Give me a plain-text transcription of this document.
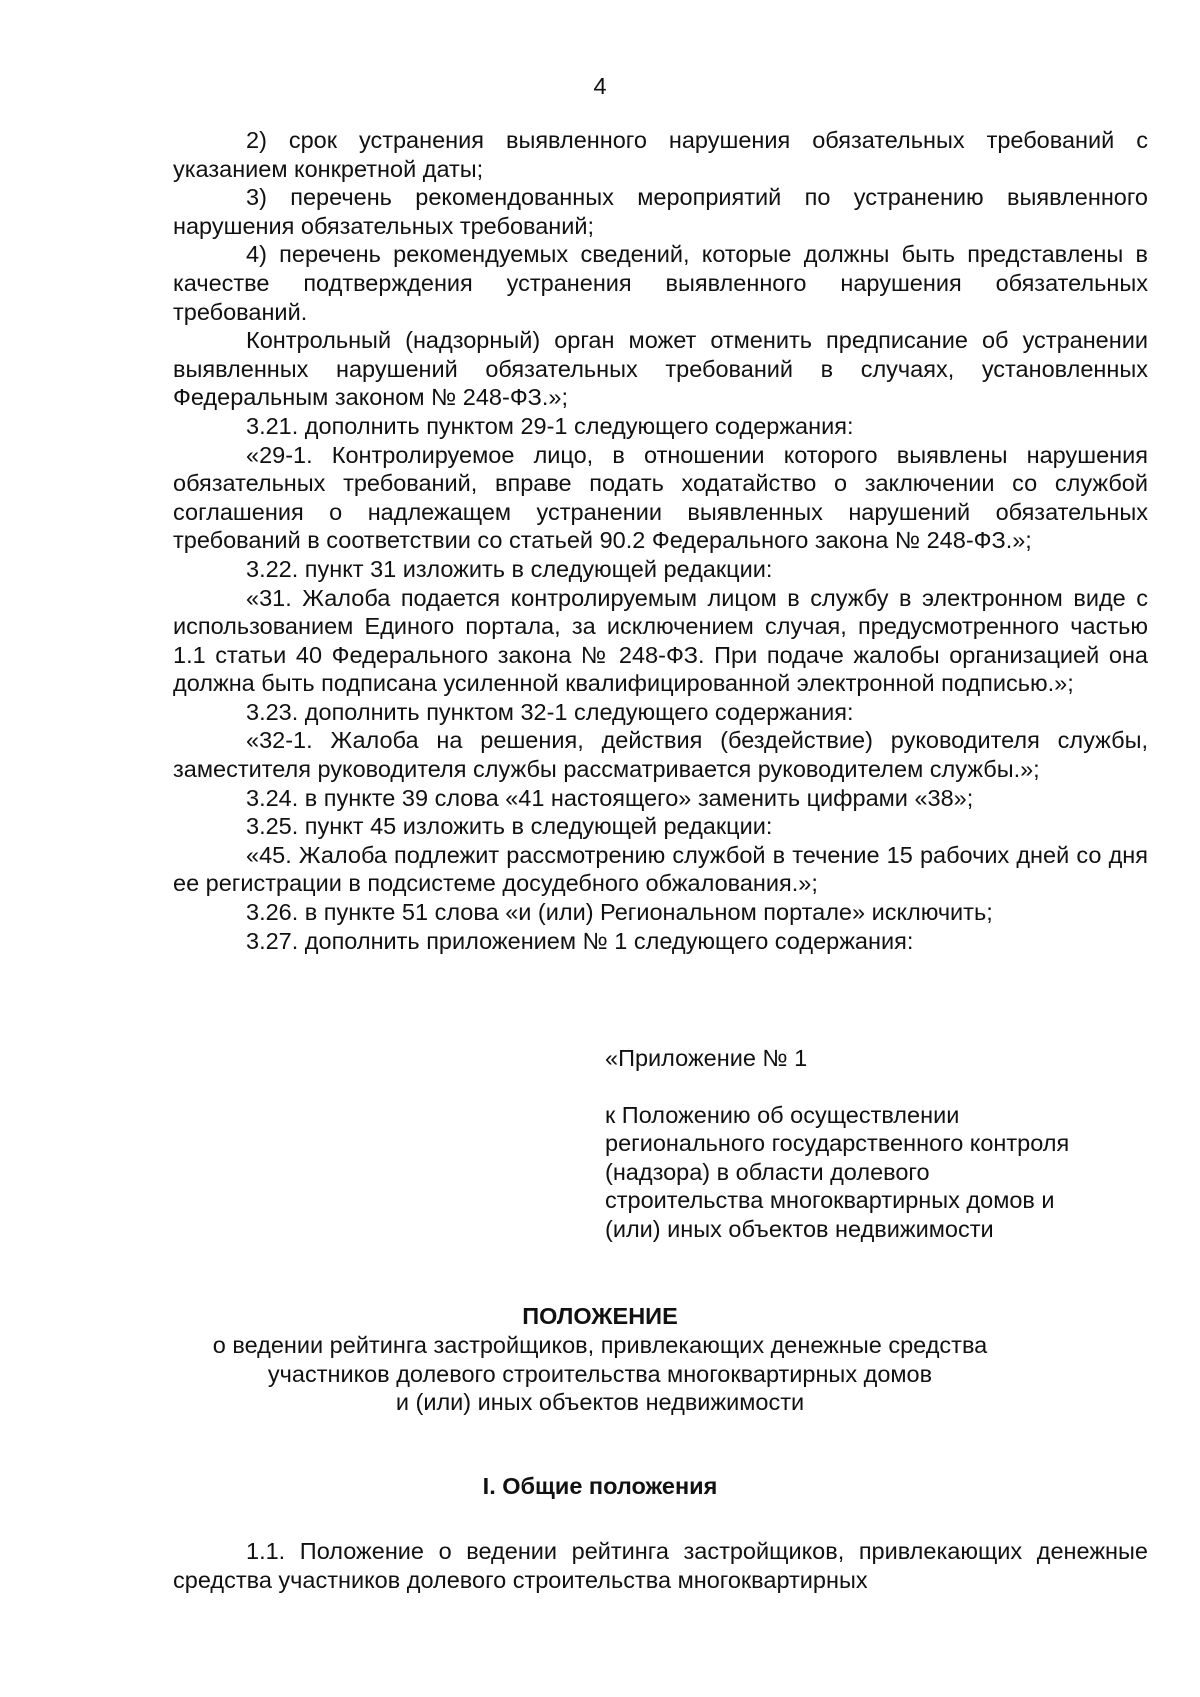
4

2) срок устранения выявленного нарушения обязательных требований с указанием конкретной даты;

3) перечень рекомендованных мероприятий по устранению выявленного нарушения обязательных требований;

4) перечень рекомендуемых сведений, которые должны быть представлены в качестве подтверждения устранения выявленного нарушения обязательных требований.

Контрольный (надзорный) орган может отменить предписание об устранении выявленных нарушений обязательных требований в случаях, установленных Федеральным законом № 248-ФЗ.»;

3.21. дополнить пунктом 29-1 следующего содержания:

«29-1. Контролируемое лицо, в отношении которого выявлены нарушения обязательных требований, вправе подать ходатайство о заключении со службой соглашения о надлежащем устранении выявленных нарушений обязательных требований в соответствии со статьей 90.2 Федерального закона № 248-ФЗ.»;

3.22. пункт 31 изложить в следующей редакции:

«31. Жалоба подается контролируемым лицом в службу в электронном виде с использованием Единого портала, за исключением случая, предусмотренного частью 1.1 статьи 40 Федерального закона № 248-ФЗ. При подаче жалобы организацией она должна быть подписана усиленной квалифицированной электронной подписью.»;

3.23. дополнить пунктом 32-1 следующего содержания:

«32-1. Жалоба на решения, действия (бездействие) руководителя службы, заместителя руководителя службы рассматривается руководителем службы.»;

3.24. в пункте 39 слова «41 настоящего» заменить цифрами «38»;

3.25. пункт 45 изложить в следующей редакции:

«45. Жалоба подлежит рассмотрению службой в течение 15 рабочих дней со дня ее регистрации в подсистеме досудебного обжалования.»;

3.26. в пункте 51 слова «и (или) Региональном портале» исключить;

3.27. дополнить приложением № 1 следующего содержания:

«Приложение № 1

к Положению об осуществлении

регионального государственного контроля

(надзора) в области долевого

строительства многоквартирных домов и

(или) иных объектов недвижимости

ПОЛОЖЕНИЕ

о ведении рейтинга застройщиков, привлекающих денежные средства

участников долевого строительства многоквартирных домов

и (или) иных объектов недвижимости

I. Общие положения

1.1. Положение о ведении рейтинга застройщиков, привлекающих денежные средства участников долевого строительства многоквартирных
